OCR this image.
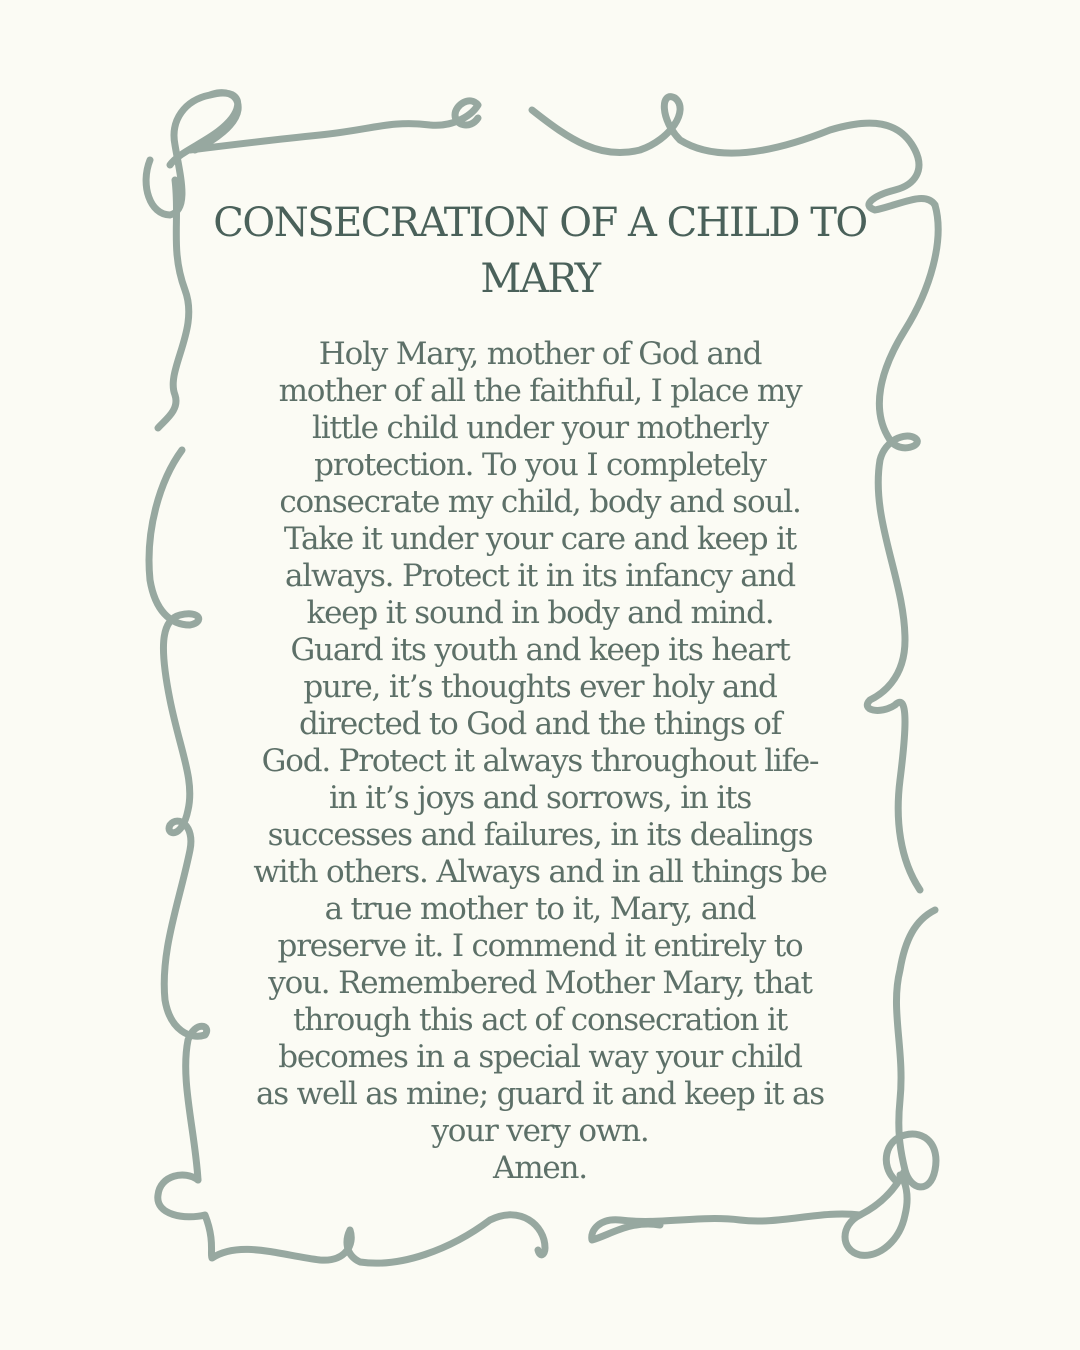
CONSECRATION OF A CHILD TO MARY
Holy Mary, mother of God and
mother of all the faithful, I place my
little child under your motherly
protection. To you I completely
consecrate my child, body and soul.
Take it under your care and keep it
always. Protect it in its infancy and
keep it sound in body and mind.
Guard its youth and keep its heart
pure, it’s thoughts ever holy and
directed to God and the things of
God. Protect it always throughout life-
in it’s joys and sorrows, in its
successes and failures, in its dealings
with others. Always and in all things be
a true mother to it, Mary, and
preserve it. I commend it entirely to
you. Remembered Mother Mary, that
through this act of consecration it
becomes in a special way your child
as well as mine; guard it and keep it as
your very own.
Amen.
